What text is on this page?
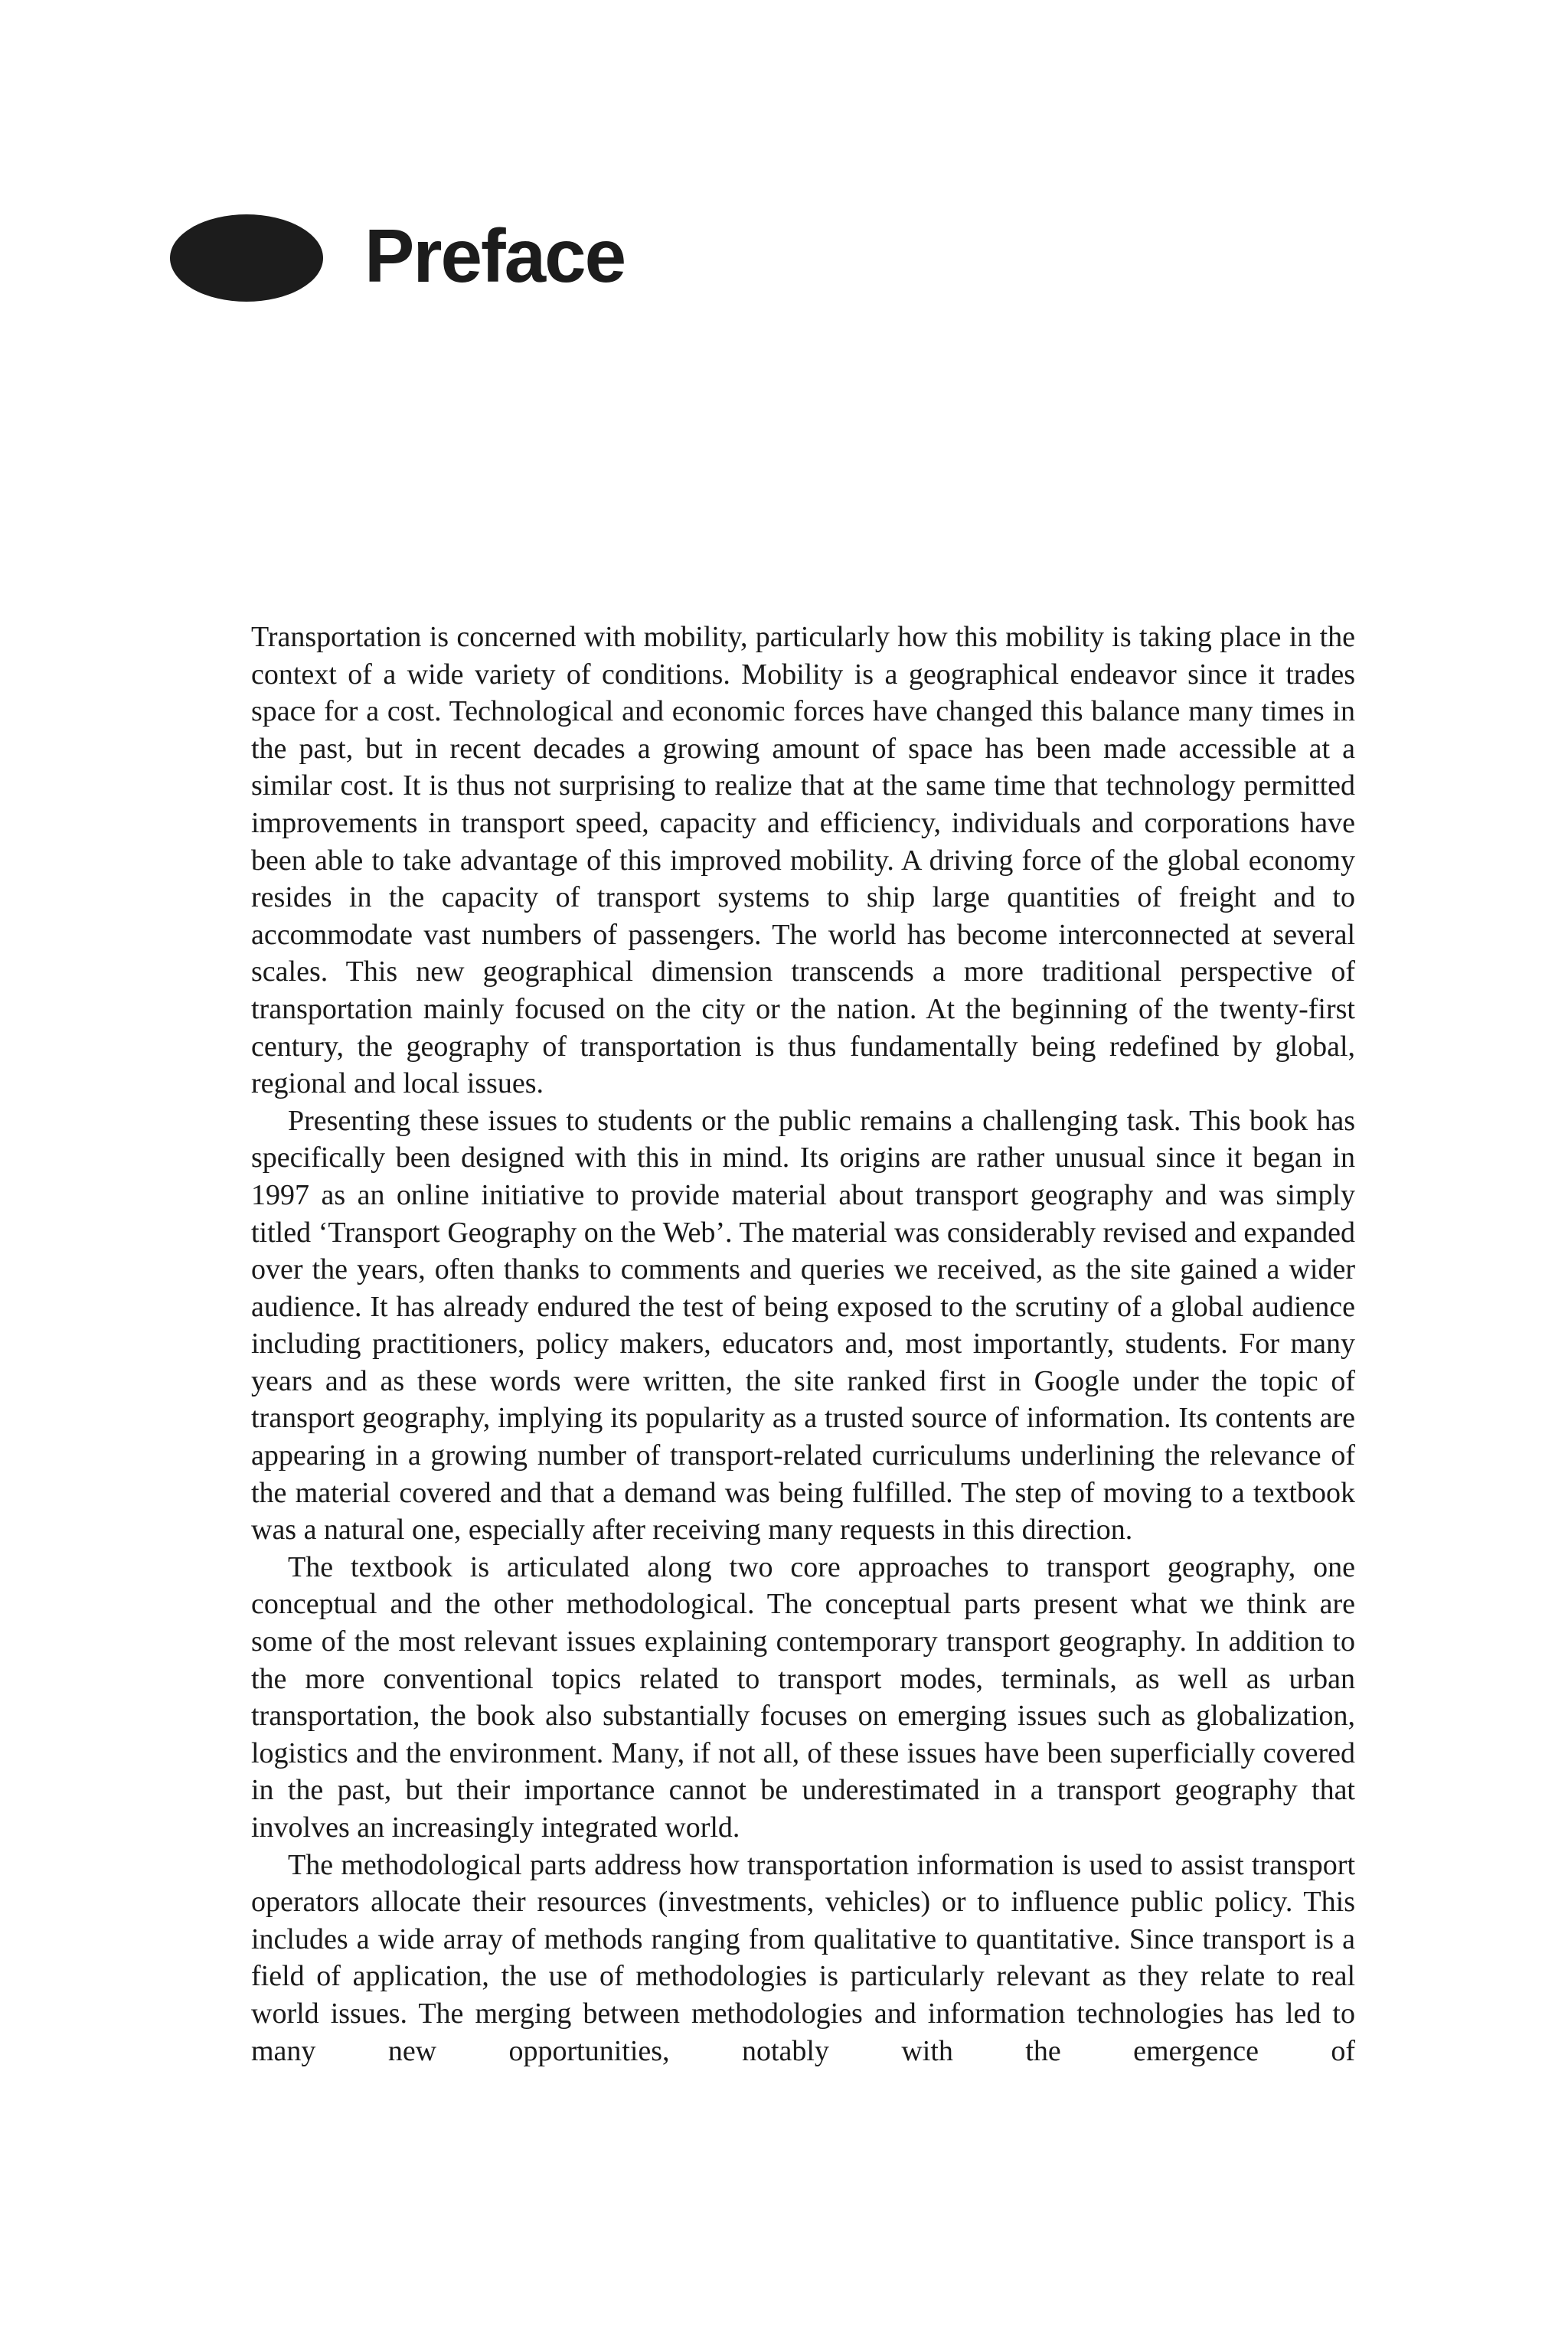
Preface

Transportation is concerned with mobility, particularly how this mobility is taking place in the context of a wide variety of conditions. Mobility is a geographical endeavor since it trades space for a cost. Technological and economic forces have changed this balance many times in the past, but in recent decades a growing amount of space has been made accessible at a similar cost. It is thus not surprising to realize that at the same time that technology permitted improvements in transport speed, capacity and efficiency, individuals and corporations have been able to take advantage of this improved mobility. A driving force of the global economy resides in the capacity of transport systems to ship large quantities of freight and to accommodate vast numbers of passengers. The world has become interconnected at several scales. This new geographical dimension transcends a more traditional perspective of transportation mainly focused on the city or the nation. At the beginning of the twenty-first century, the geography of transportation is thus fundamentally being redefined by global, regional and local issues.

Presenting these issues to students or the public remains a challenging task. This book has specifically been designed with this in mind. Its origins are rather unusual since it began in 1997 as an online initiative to provide material about transport geography and was simply titled ‘Transport Geography on the Web’. The material was considerably revised and expanded over the years, often thanks to comments and queries we received, as the site gained a wider audience. It has already endured the test of being exposed to the scrutiny of a global audience including practitioners, policy makers, educators and, most importantly, students. For many years and as these words were written, the site ranked first in Google under the topic of transport geography, implying its popularity as a trusted source of information. Its contents are appearing in a growing number of transport-related curriculums underlining the relevance of the material covered and that a demand was being fulfilled. The step of moving to a textbook was a natural one, especially after receiving many requests in this direction.

The textbook is articulated along two core approaches to transport geography, one conceptual and the other methodological. The conceptual parts present what we think are some of the most relevant issues explaining contemporary transport geography. In addition to the more conventional topics related to transport modes, terminals, as well as urban transportation, the book also substantially focuses on emerging issues such as globalization, logistics and the environment. Many, if not all, of these issues have been superficially covered in the past, but their importance cannot be underestimated in a transport geography that involves an increasingly integrated world.

The methodological parts address how transportation information is used to assist transport operators allocate their resources (investments, vehicles) or to influence public policy. This includes a wide array of methods ranging from qualitative to quantitative. Since transport is a field of application, the use of methodologies is particularly relevant as they relate to real world issues. The merging between methodologies and information technologies has led to many new opportunities, notably with the emergence of
